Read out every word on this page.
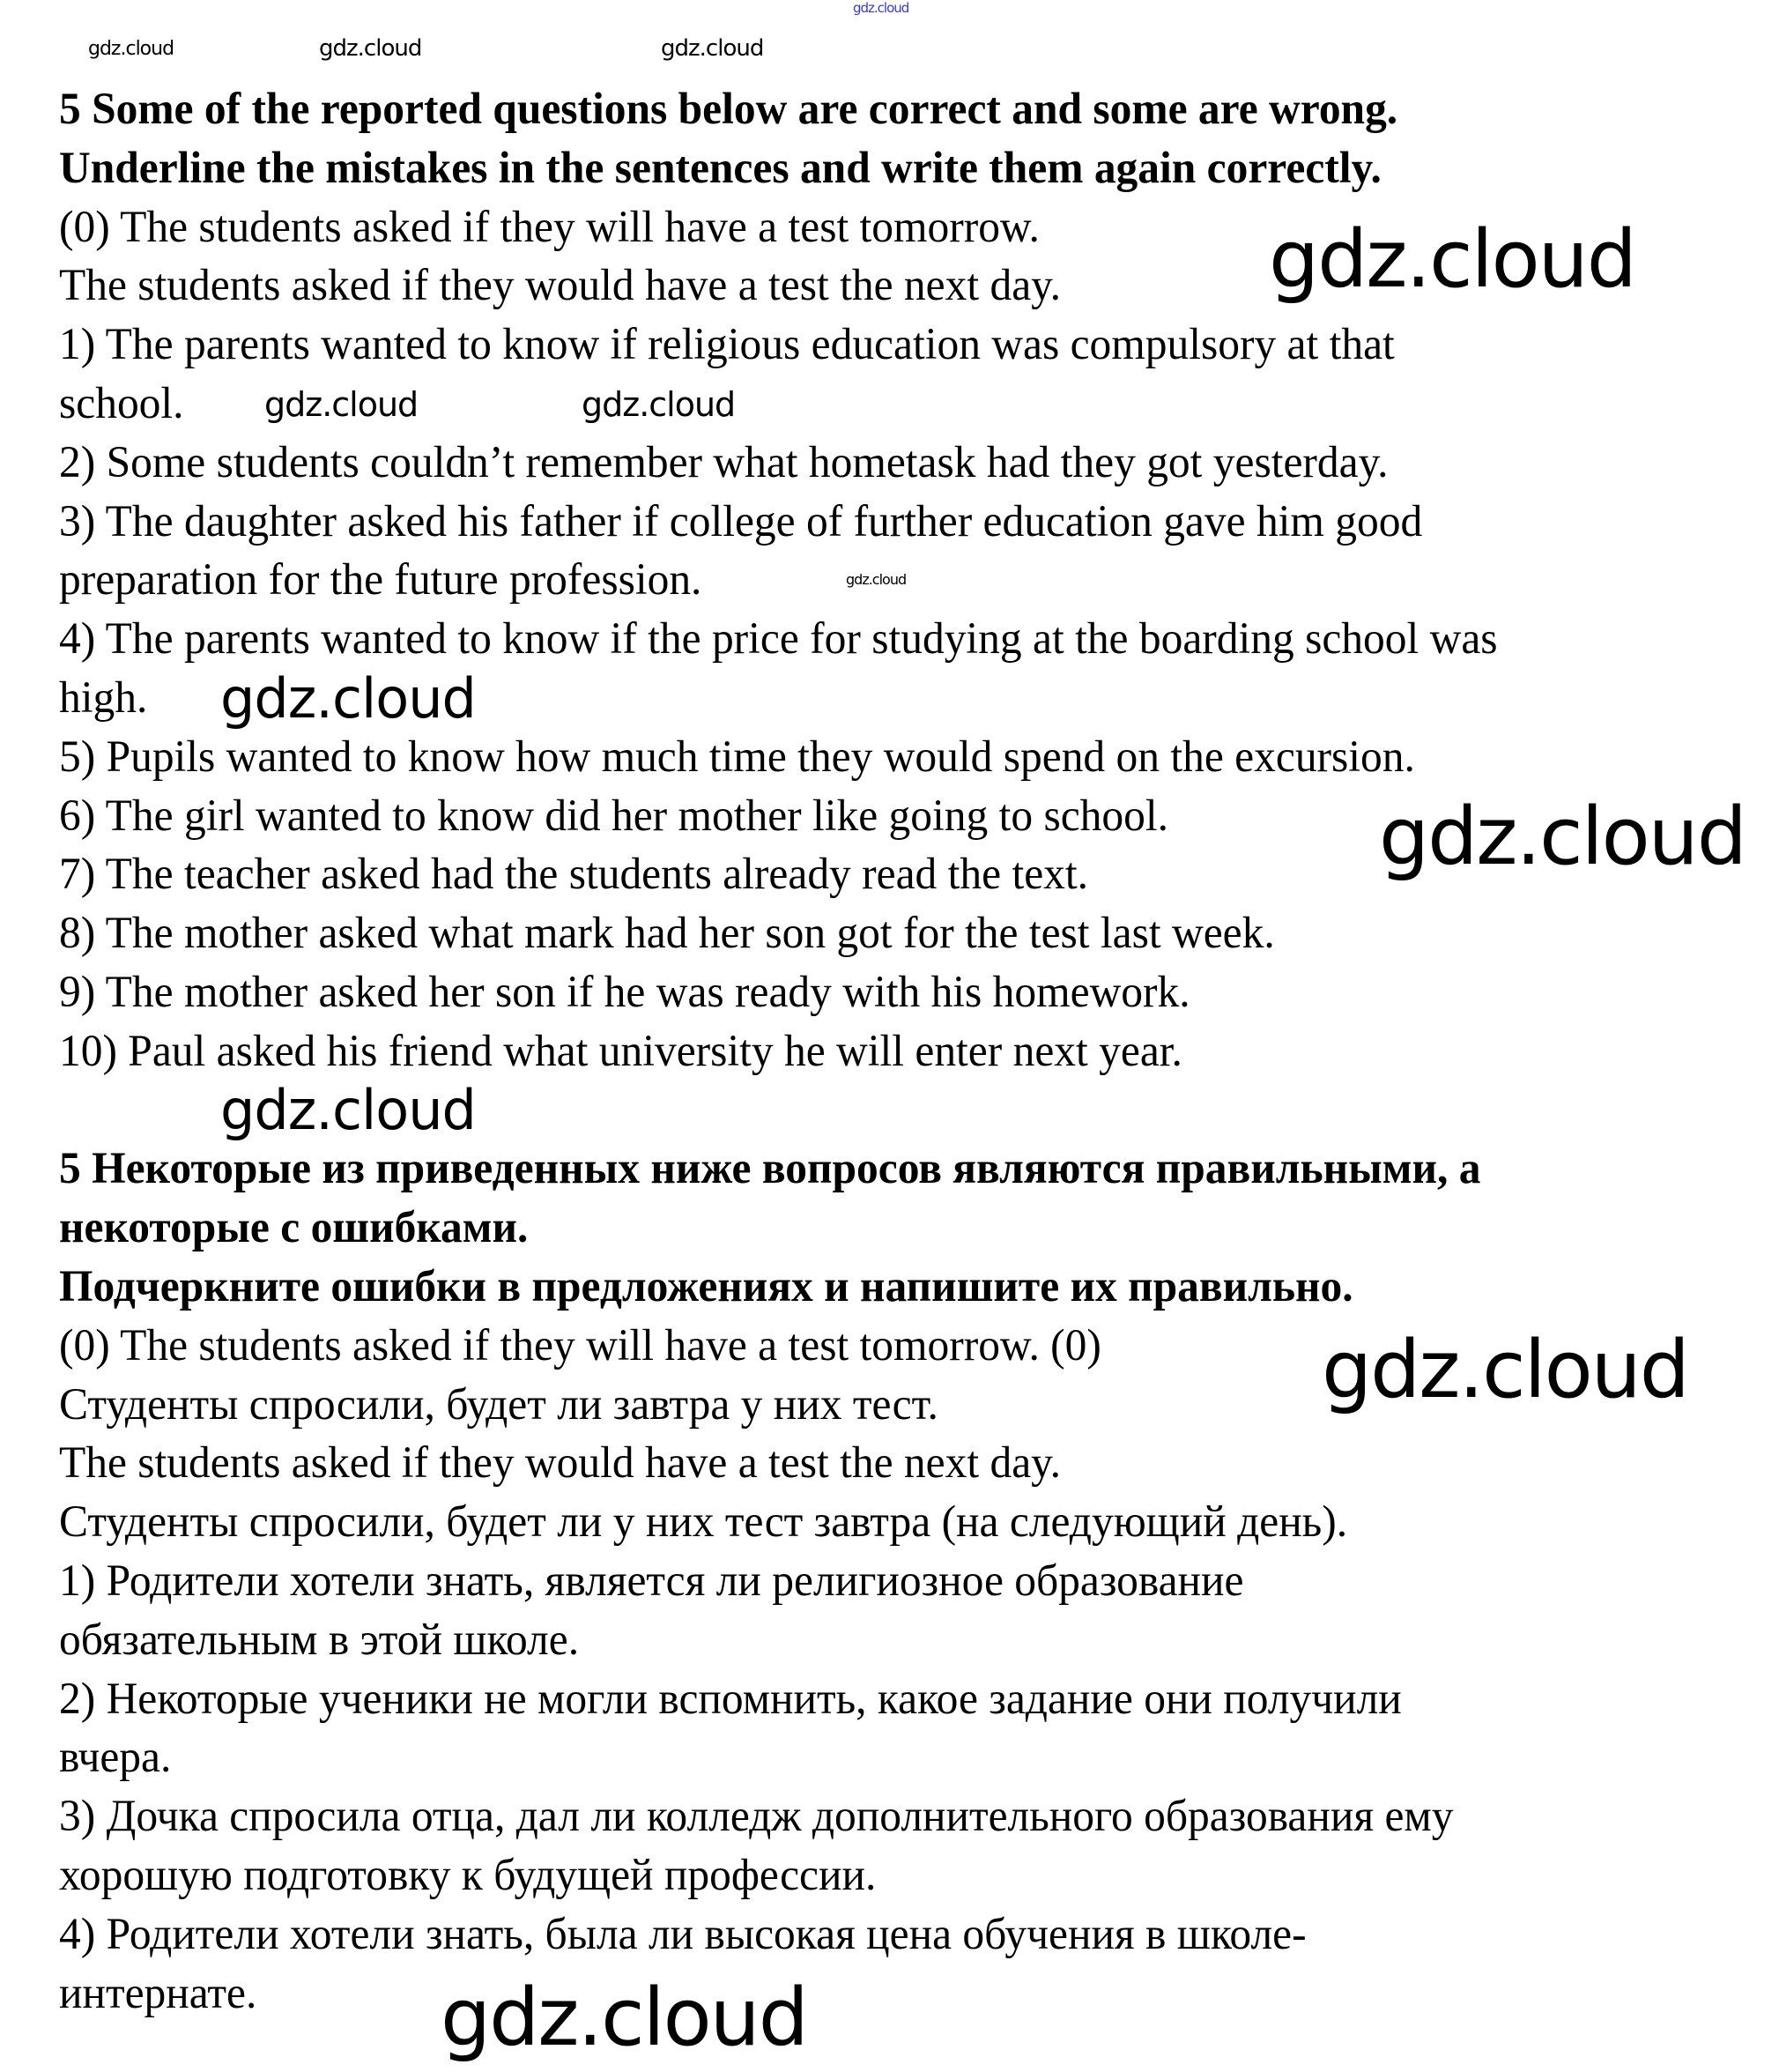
5 Some of the reported questions below are correct and some are wrong.
Underline the mistakes in the sentences and write them again correctly.
(0) The students asked if they will have a test tomorrow.
The students asked if they would have a test the next day.
1) The parents wanted to know if religious education was compulsory at that
school.
2) Some students couldn’t remember what hometask had they got yesterday.
3) The daughter asked his father if college of further education gave him good
preparation for the future profession.
4) The parents wanted to know if the price for studying at the boarding school was
high.
5) Pupils wanted to know how much time they would spend on the excursion.
6) The girl wanted to know did her mother like going to school.
7) The teacher asked had the students already read the text.
8) The mother asked what mark had her son got for the test last week.
9) The mother asked her son if he was ready with his homework.
10) Paul asked his friend what university he will enter next year.
5 Некоторые из приведенных ниже вопросов являются правильными, а
некоторые с ошибками.
Подчеркните ошибки в предложениях и напишите их правильно.
(0) The students asked if they will have a test tomorrow. (0)
Студенты спросили, будет ли завтра у них тест.
The students asked if they would have a test the next day.
Студенты спросили, будет ли у них тест завтра (на следующий день).
1) Родители хотели знать, является ли религиозное образование
обязательным в этой школе.
2) Некоторые ученики не могли вспомнить, какое задание они получили
вчера.
3) Дочка спросила отца, дал ли колледж дополнительного образования ему
хорошую подготовку к будущей профессии.
4) Родители хотели знать, была ли высокая цена обучения в школе-
интернате.
gdz.cloud
gdz.cloud	gdz.cloud	gdz.cloud
gdz.cloud
gdz.cloud	gdz.cloud
gdz.cloud
gdz.cloud
gdz.cloud
gdz.cloud
gdz.cloud
gdz.cloud
